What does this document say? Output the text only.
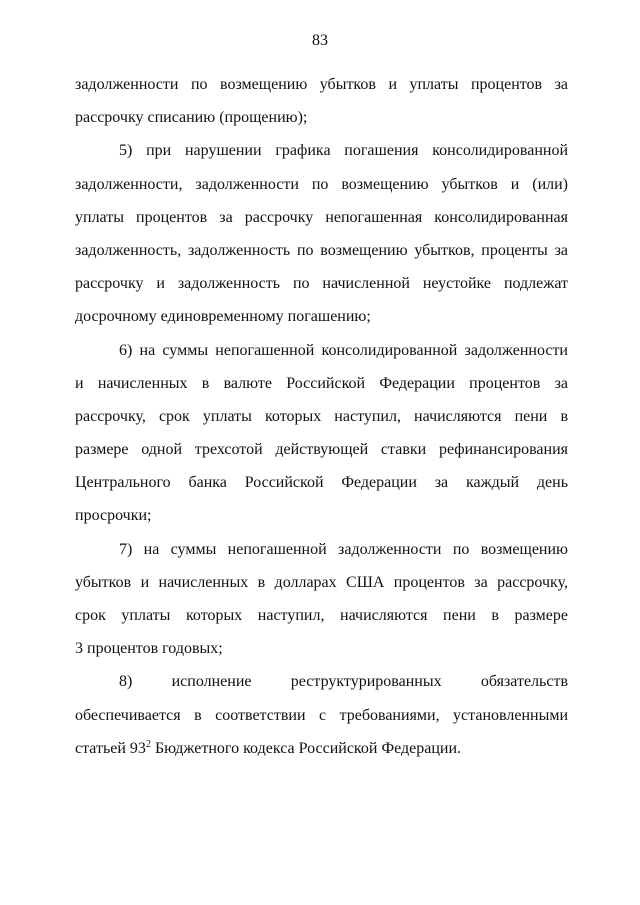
83
задолженности по возмещению убытков и уплаты процентов за
рассрочку списанию (прощению);
5) при нарушении графика погашения консолидированной
задолженности, задолженности по возмещению убытков и (или)
уплаты процентов за рассрочку непогашенная консолидированная
задолженность, задолженность по возмещению убытков, проценты за
рассрочку и задолженность по начисленной неустойке подлежат
досрочному единовременному погашению;
6) на суммы непогашенной консолидированной задолженности
и начисленных в валюте Российской Федерации процентов за
рассрочку, срок уплаты которых наступил, начисляются пени в
размере одной трехсотой действующей ставки рефинансирования
Центрального банка Российской Федерации за каждый день
просрочки;
7) на суммы непогашенной задолженности по возмещению
убытков и начисленных в долларах США процентов за рассрочку,
срок уплаты которых наступил, начисляются пени в размере
3 процентов годовых;
8) исполнение реструктурированных обязательств
обеспечивается в соответствии с требованиями, установленными
статьей $93^2$ Бюджетного кодекса Российской Федерации.
